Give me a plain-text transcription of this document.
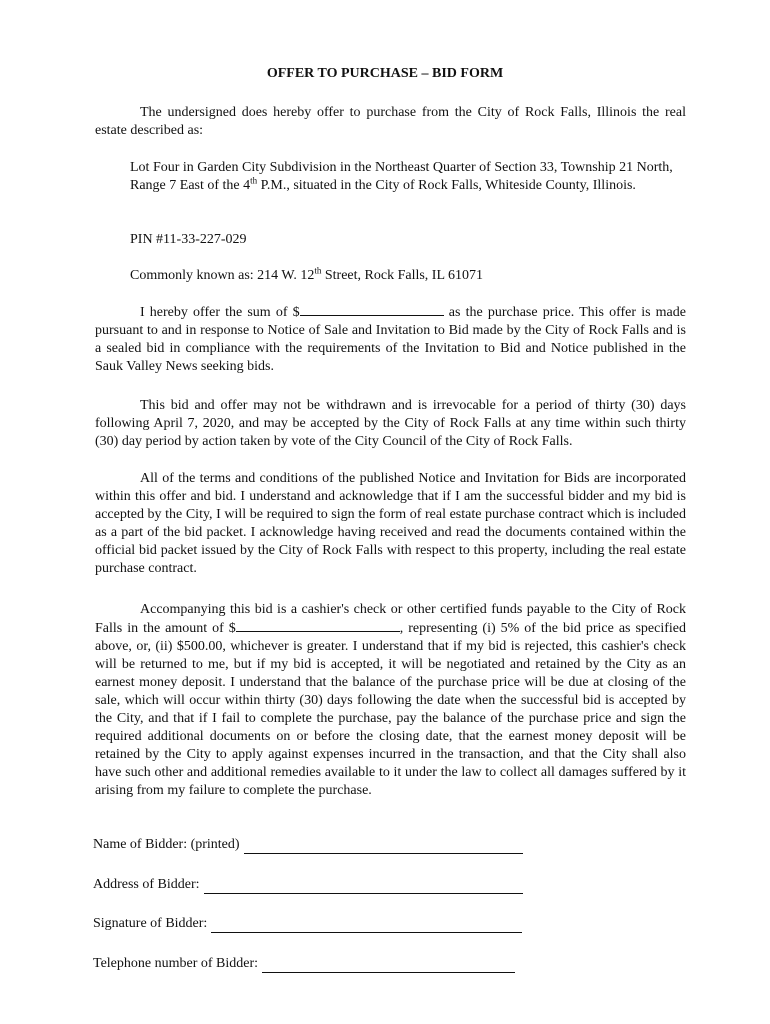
OFFER TO PURCHASE – BID FORM

The undersigned does hereby offer to purchase from the City of Rock Falls, Illinois the real estate described as:

Lot Four in Garden City Subdivision in the Northeast Quarter of Section 33, Township 21 North, Range 7 East of the 4th P.M., situated in the City of Rock Falls, Whiteside County, Illinois.

PIN #11-33-227-029

Commonly known as: 214 W. 12th Street, Rock Falls, IL 61071

I hereby offer the sum of $	as the purchase price. This offer is made pursuant to and in response to Notice of Sale and Invitation to Bid made by the City of Rock Falls and is a sealed bid in compliance with the requirements of the Invitation to Bid and Notice published in the Sauk Valley News seeking bids.

This bid and offer may not be withdrawn and is irrevocable for a period of thirty (30) days following April 7, 2020, and may be accepted by the City of Rock Falls at any time within such thirty (30) day period by action taken by vote of the City Council of the City of Rock Falls.

All of the terms and conditions of the published Notice and Invitation for Bids are incorporated within this offer and bid. I understand and acknowledge that if I am the successful bidder and my bid is accepted by the City, I will be required to sign the form of real estate purchase contract which is included as a part of the bid packet. I acknowledge having received and read the documents contained within the official bid packet issued by the City of Rock Falls with respect to this property, including the real estate purchase contract.

Accompanying this bid is a cashier's check or other certified funds payable to the City of Rock Falls in the amount of $	, representing (i) 5% of the bid price as specified above, or, (ii) $500.00, whichever is greater. I understand that if my bid is rejected, this cashier's check will be returned to me, but if my bid is accepted, it will be negotiated and retained by the City as an earnest money deposit. I understand that the balance of the purchase price will be due at closing of the sale, which will occur within thirty (30) days following the date when the successful bid is accepted by the City, and that if I fail to complete the purchase, pay the balance of the purchase price and sign the required additional documents on or before the closing date, that the earnest money deposit will be retained by the City to apply against expenses incurred in the transaction, and that the City shall also have such other and additional remedies available to it under the law to collect all damages suffered by it arising from my failure to complete the purchase.

Name of Bidder: (printed)
Address of Bidder:
Signature of Bidder:
Telephone number of Bidder:
